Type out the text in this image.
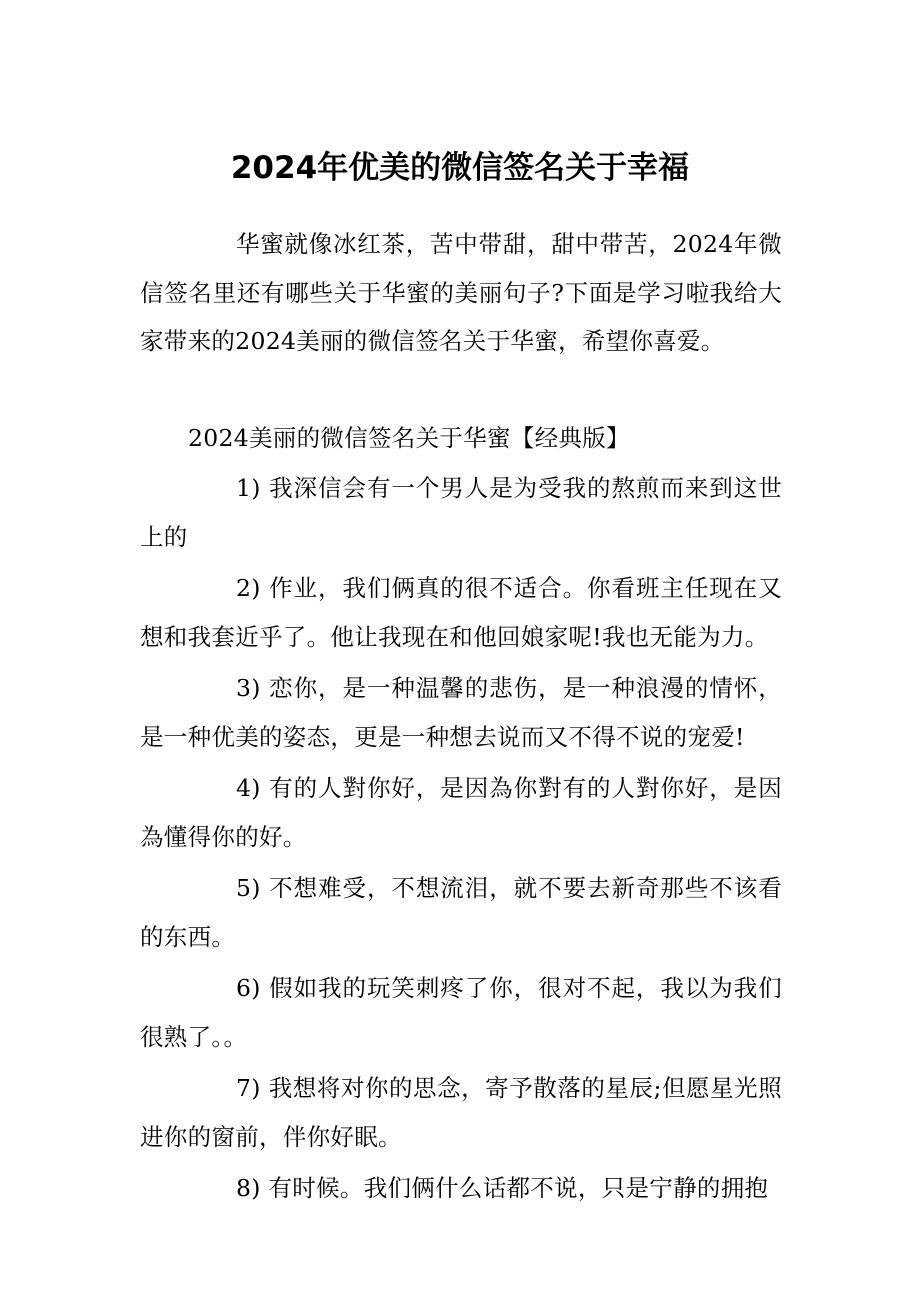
2024年优美的微信签名关于幸福

华蜜就像冰红茶，苦中带甜，甜中带苦，2024年微信签名里还有哪些关于华蜜的美丽句子?下面是学习啦我给大家带来的2024美丽的微信签名关于华蜜，希望你喜爱。

2024美丽的微信签名关于华蜜【经典版】

1) 我深信会有一个男人是为受我的熬煎而来到这世上的
2) 作业，我们俩真的很不适合。你看班主任现在又想和我套近乎了。他让我现在和他回娘家呢!我也无能为力。
3) 恋你，是一种温馨的悲伤，是一种浪漫的情怀，是一种优美的姿态，更是一种想去说而又不得不说的宠爱!
4) 有的人對你好，是因為你對有的人對你好，是因為懂得你的好。
5) 不想难受，不想流泪，就不要去新奇那些不该看的东西。
6) 假如我的玩笑刺疼了你，很对不起，我以为我们很熟了。。
7) 我想将对你的思念，寄予散落的星辰;但愿星光照进你的窗前，伴你好眠。
8) 有时候。我们俩什么话都不说，只是宁静的拥抱
